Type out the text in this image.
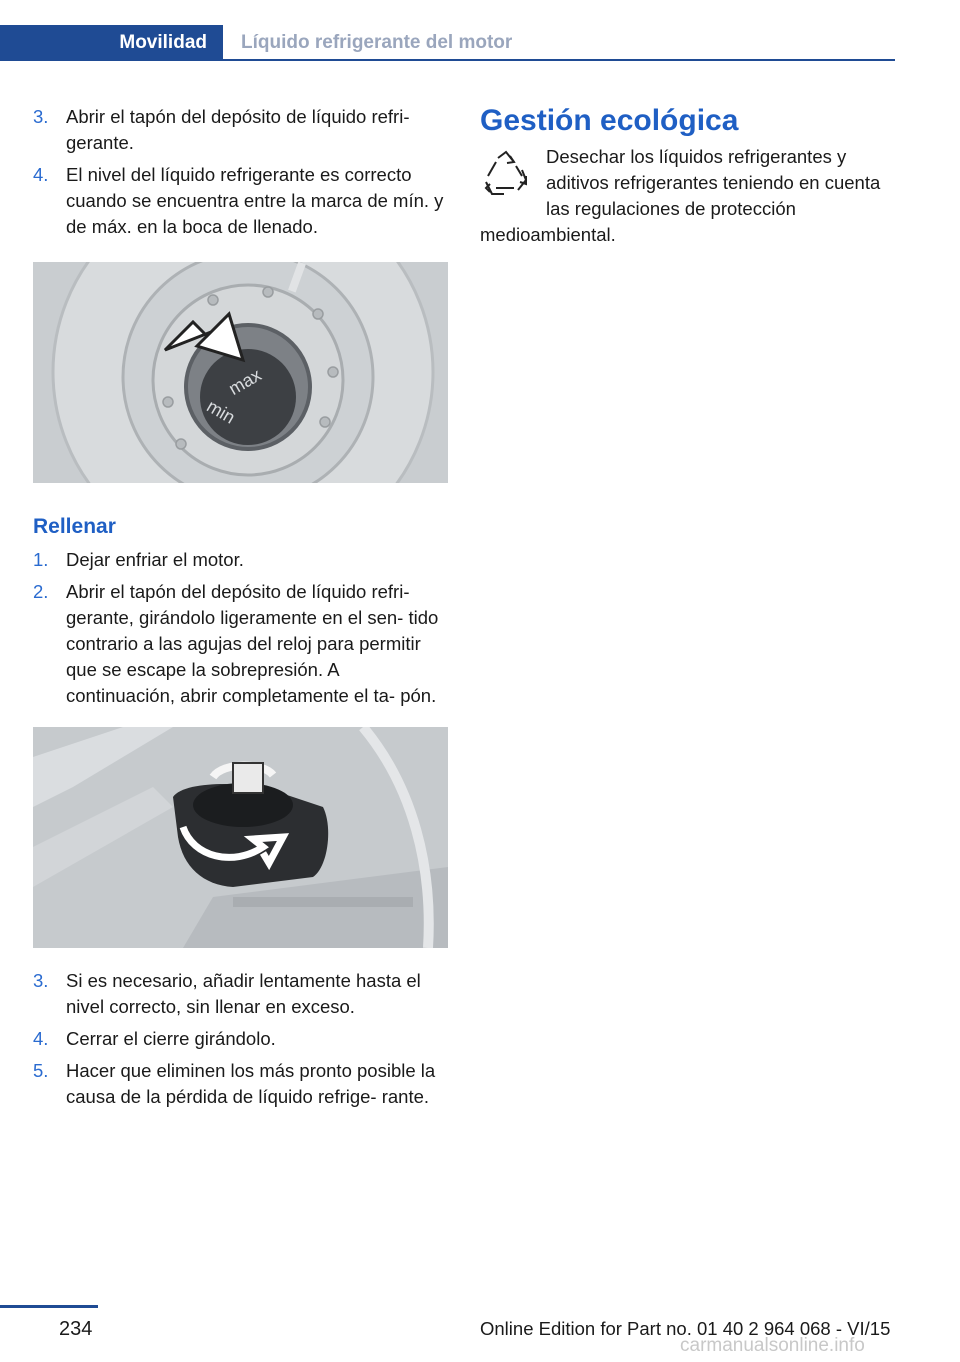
Movilidad	Líquido refrigerante del motor
3. Abrir el tapón del depósito de líquido refri‐ gerante.
4. El nivel del líquido refrigerante es correcto cuando se encuentra entre la marca de mín. y de máx. en la boca de llenado.
max
min
Rellenar
1. Dejar enfriar el motor.
2. Abrir el tapón del depósito de líquido refri‐ gerante, girándolo ligeramente en el sen‐ tido contrario a las agujas del reloj para permitir que se escape la sobrepresión. A continuación, abrir completamente el ta‐ pón.
3. Si es necesario, añadir lentamente hasta el nivel correcto, sin llenar en exceso.
4. Cerrar el cierre girándolo.
5. Hacer que eliminen los más pronto posible la causa de la pérdida de líquido refrige‐ rante.
Gestión ecológica
Desechar los líquidos refrigerantes y aditivos refrigerantes teniendo en cuenta las regulaciones de protección medioambiental.
234	Online Edition for Part no. 01 40 2 964 068 - VI/15
carmanualsonline.info
